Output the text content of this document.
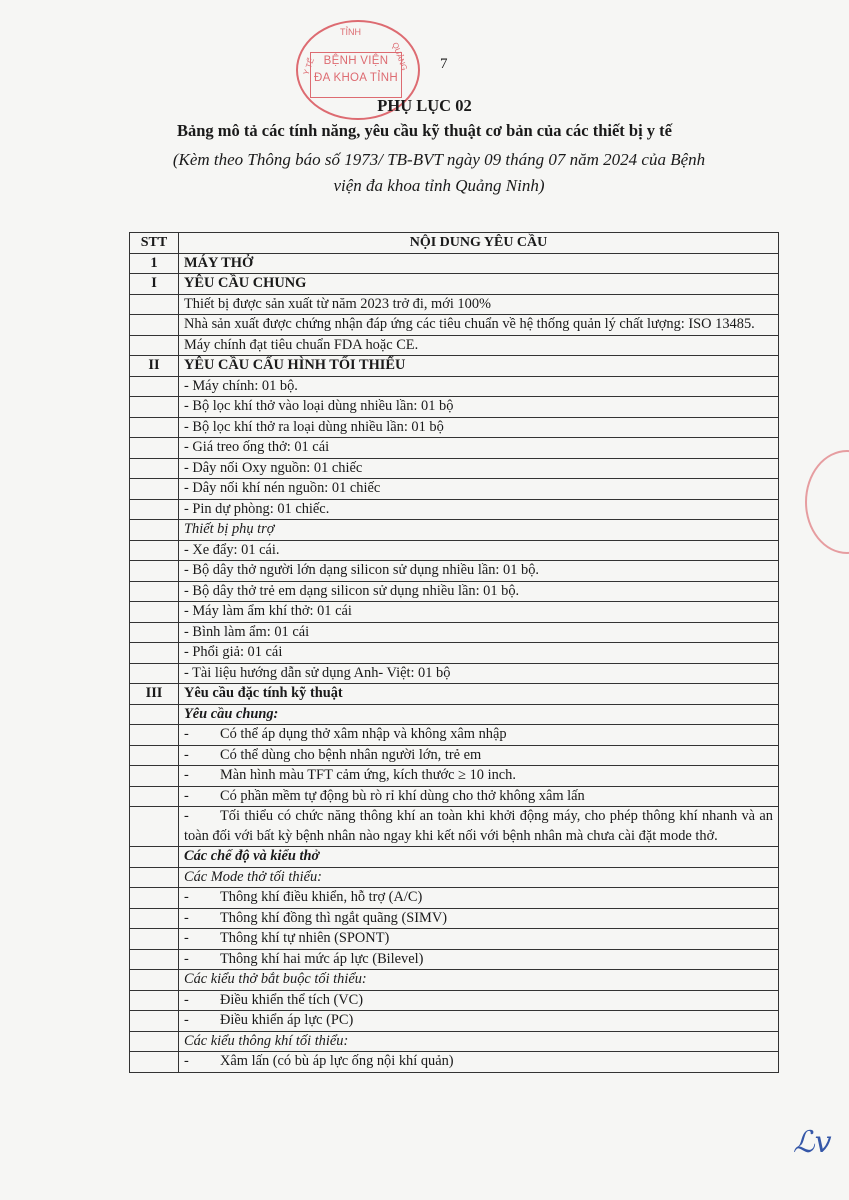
TỈNH
Y TẾ	QUẢNG
BỆNH VIỆN
ĐA KHOA TỈNH
7
PHỤ LỤC 02
Bảng mô tả các tính năng, yêu cầu kỹ thuật cơ bản của các thiết bị y tế
(Kèm theo Thông báo số 1973/ TB-BVT ngày 09 tháng 07 năm 2024 của Bệnh
viện đa khoa tỉnh Quảng Ninh)
STT	NỘI DUNG YÊU CẦU
1	MÁY THỞ
I	YÊU CẦU CHUNG
	Thiết bị được sản xuất từ năm 2023 trở đi, mới 100%
	Nhà sản xuất được chứng nhận đáp ứng các tiêu chuẩn về hệ thống quản lý chất lượng: ISO 13485.
	Máy chính đạt tiêu chuẩn FDA hoặc CE.
II	YÊU CẦU CẤU HÌNH TỐI THIỂU
	- Máy chính: 01 bộ.
	- Bộ lọc khí thở vào loại dùng nhiều lần: 01 bộ
	- Bộ lọc khí thở ra loại dùng nhiều lần: 01 bộ
	- Giá treo ống thở: 01 cái
	- Dây nối Oxy nguồn: 01 chiếc
	- Dây nối khí nén nguồn: 01 chiếc
	- Pin dự phòng: 01 chiếc.
	Thiết bị phụ trợ
	- Xe đẩy: 01 cái.
	- Bộ dây thở người lớn dạng silicon sử dụng nhiều lần: 01 bộ.
	- Bộ dây thở trẻ em dạng silicon sử dụng nhiều lần: 01 bộ.
	- Máy làm ẩm khí thở: 01 cái
	- Bình làm ẩm: 01 cái
	- Phổi giả: 01 cái
	- Tài liệu hướng dẫn sử dụng Anh- Việt: 01 bộ
III	Yêu cầu đặc tính kỹ thuật
	Yêu cầu chung:
	- Có thể áp dụng thở xâm nhập và không xâm nhập
	- Có thể dùng cho bệnh nhân người lớn, trẻ em
	- Màn hình màu TFT cảm ứng, kích thước ≥ 10 inch.
	- Có phần mềm tự động bù rò rỉ khí dùng cho thở không xâm lấn
	- Tối thiểu có chức năng thông khí an toàn khi khởi động máy, cho phép thông khí nhanh và an toàn đối với bất kỳ bệnh nhân nào ngay khi kết nối với bệnh nhân mà chưa cài đặt mode thở.
	Các chế độ và kiểu thở
	Các Mode thở tối thiểu:
	- Thông khí điều khiển, hỗ trợ (A/C)
	- Thông khí đồng thì ngắt quãng (SIMV)
	- Thông khí tự nhiên (SPONT)
	- Thông khí hai mức áp lực (Bilevel)
	Các kiểu thở bắt buộc tối thiểu:
	- Điều khiển thể tích (VC)
	- Điều khiển áp lực (PC)
	Các kiểu thông khí tối thiểu:
	- Xâm lấn (có bù áp lực ống nội khí quản)
ℒv
